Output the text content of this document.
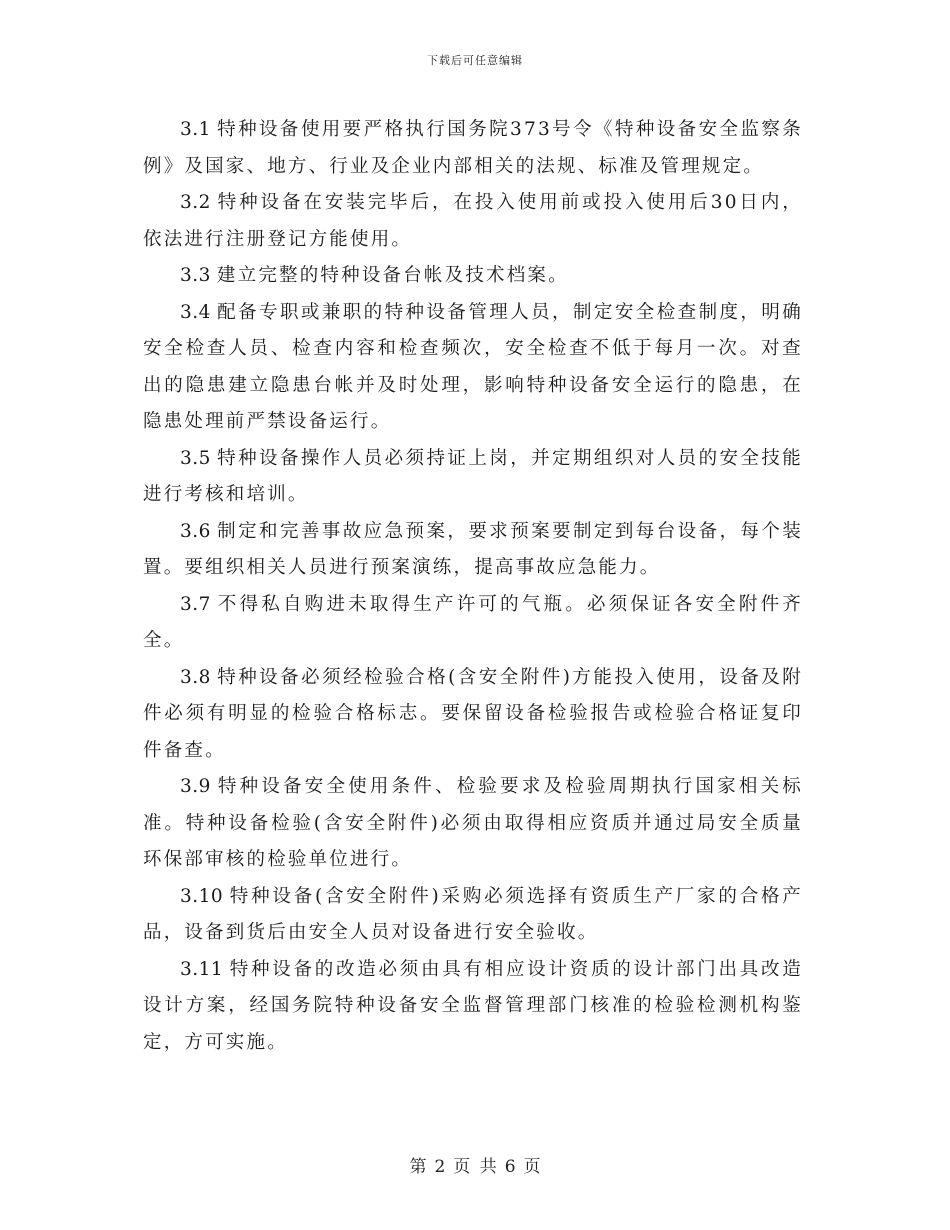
下载后可任意编辑

3.1 特种设备使用要严格执行国务院373号令《特种设备安全监察条例》及国家、地方、行业及企业内部相关的法规、标准及管理规定。

3.2 特种设备在安装完毕后，在投入使用前或投入使用后30日内，依法进行注册登记方能使用。

3.3 建立完整的特种设备台帐及技术档案。

3.4 配备专职或兼职的特种设备管理人员，制定安全检查制度，明确安全检查人员、检查内容和检查频次，安全检查不低于每月一次。对查出的隐患建立隐患台帐并及时处理，影响特种设备安全运行的隐患，在隐患处理前严禁设备运行。

3.5 特种设备操作人员必须持证上岗，并定期组织对人员的安全技能进行考核和培训。

3.6 制定和完善事故应急预案，要求预案要制定到每台设备，每个装置。要组织相关人员进行预案演练，提高事故应急能力。

3.7 不得私自购进未取得生产许可的气瓶。必须保证各安全附件齐全。

3.8 特种设备必须经检验合格(含安全附件)方能投入使用，设备及附件必须有明显的检验合格标志。要保留设备检验报告或检验合格证复印件备查。

3.9 特种设备安全使用条件、检验要求及检验周期执行国家相关标准。特种设备检验(含安全附件)必须由取得相应资质并通过局安全质量环保部审核的检验单位进行。

3.10 特种设备(含安全附件)采购必须选择有资质生产厂家的合格产品，设备到货后由安全人员对设备进行安全验收。

3.11 特种设备的改造必须由具有相应设计资质的设计部门出具改造设计方案，经国务院特种设备安全监督管理部门核准的检验检测机构鉴定，方可实施。

第 2 页 共 6 页
